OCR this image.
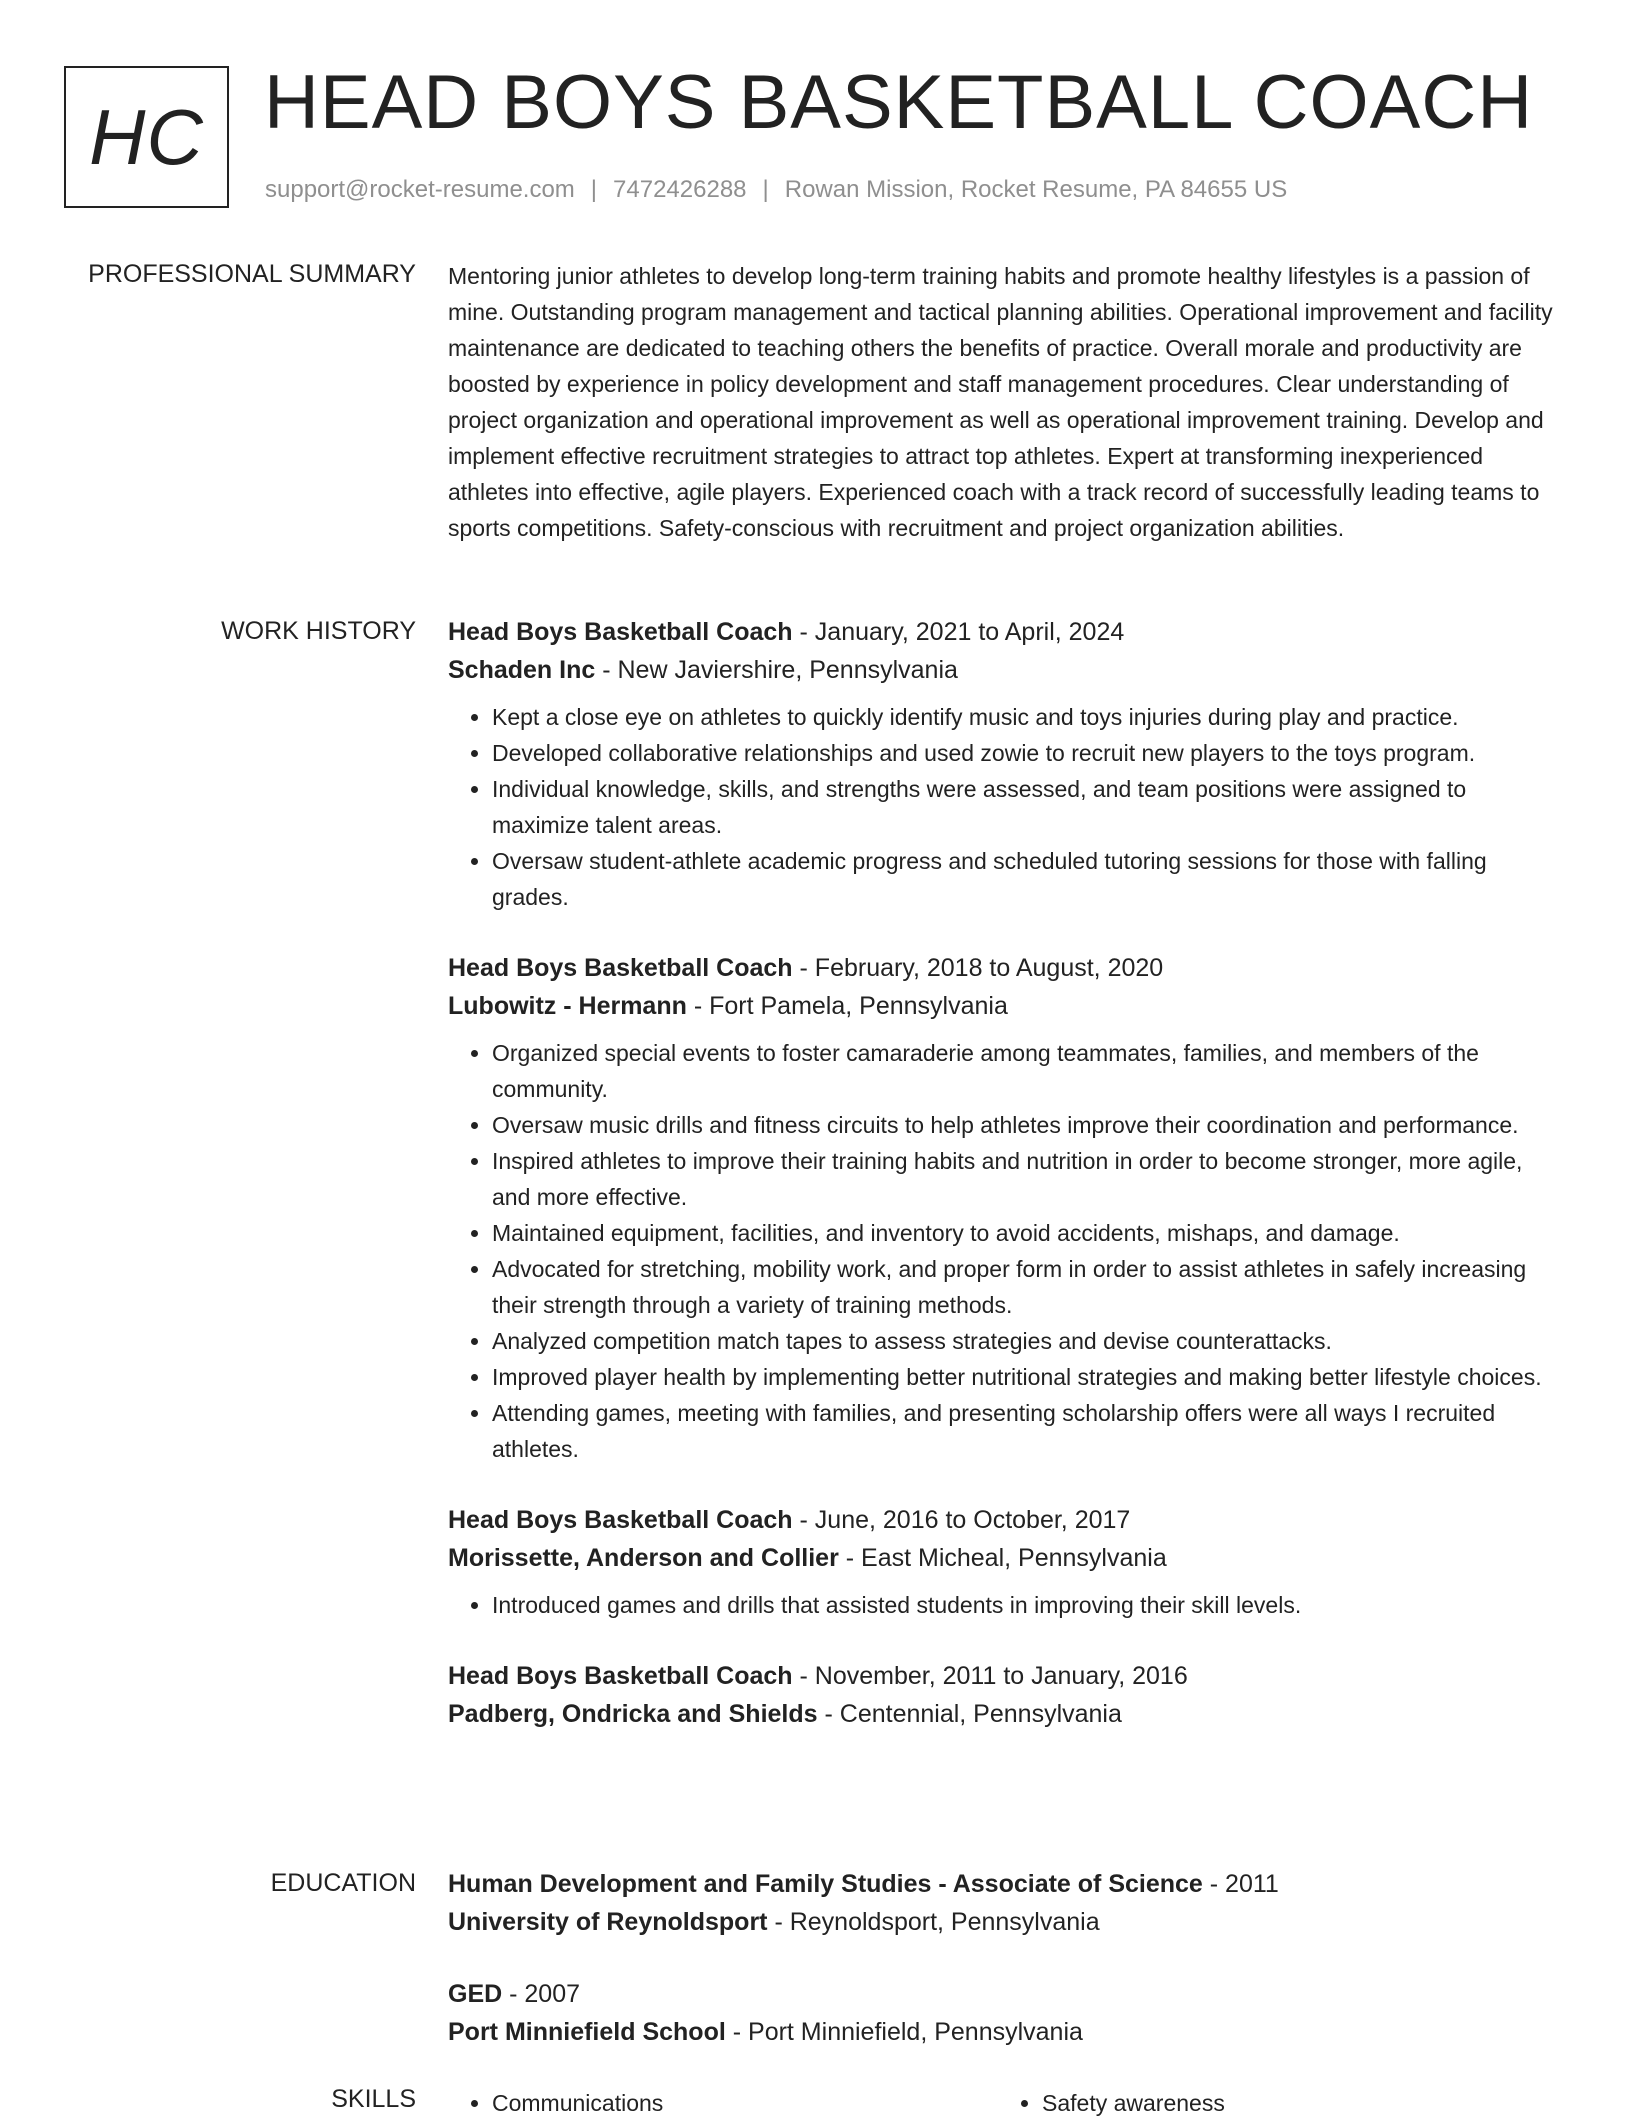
HC HEAD BOYS BASKETBALL COACH
support@rocket-resume.com | 7472426288 | Rowan Mission, Rocket Resume, PA 84655 US
PROFESSIONAL SUMMARY Mentoring junior athletes to develop long-term training habits and promote healthy lifestyles is a passion of mine. Outstanding program management and tactical planning abilities. Operational improvement and facility maintenance are dedicated to teaching others the benefits of practice. Overall morale and productivity are boosted by experience in policy development and staff management procedures. Clear understanding of project organization and operational improvement as well as operational improvement training. Develop and implement effective recruitment strategies to attract top athletes. Expert at transforming inexperienced athletes into effective, agile players. Experienced coach with a track record of successfully leading teams to sports competitions. Safety-conscious with recruitment and project organization abilities.

WORK HISTORY Head Boys Basketball Coach - January, 2021 to April, 2024

Schaden Inc - New Javiershire, Pennsylvania

• Kept a close eye on athletes to quickly identify music and toys injuries during play and practice.
• Developed collaborative relationships and used zowie to recruit new players to the toys program.
• Individual knowledge, skills, and strengths were assessed, and team positions were assigned to maximize talent areas.
• Oversaw student-athlete academic progress and scheduled tutoring sessions for those with falling grades.

Head Boys Basketball Coach - February, 2018 to August, 2020

Lubowitz - Hermann - Fort Pamela, Pennsylvania

• Organized special events to foster camaraderie among teammates, families, and members of the community.
• Oversaw music drills and fitness circuits to help athletes improve their coordination and performance.
• Inspired athletes to improve their training habits and nutrition in order to become stronger, more agile, and more effective.
• Maintained equipment, facilities, and inventory to avoid accidents, mishaps, and damage.
• Advocated for stretching, mobility work, and proper form in order to assist athletes in safely increasing their strength through a variety of training methods.
• Analyzed competition match tapes to assess strategies and devise counterattacks.
• Improved player health by implementing better nutritional strategies and making better lifestyle choices.
• Attending games, meeting with families, and presenting scholarship offers were all ways I recruited athletes.

Head Boys Basketball Coach - June, 2016 to October, 2017

Morissette, Anderson and Collier - East Micheal, Pennsylvania

• Introduced games and drills that assisted students in improving their skill levels.

Head Boys Basketball Coach - November, 2011 to January, 2016

Padberg, Ondricka and Shields - Centennial, Pennsylvania

EDUCATION Human Development and Family Studies - Associate of Science - 2011

University of Reynoldsport - Reynoldsport, Pennsylvania

GED - 2007

Port Minniefield School - Port Minniefield, Pennsylvania

SKILLS	• Communications	• Safety awareness
